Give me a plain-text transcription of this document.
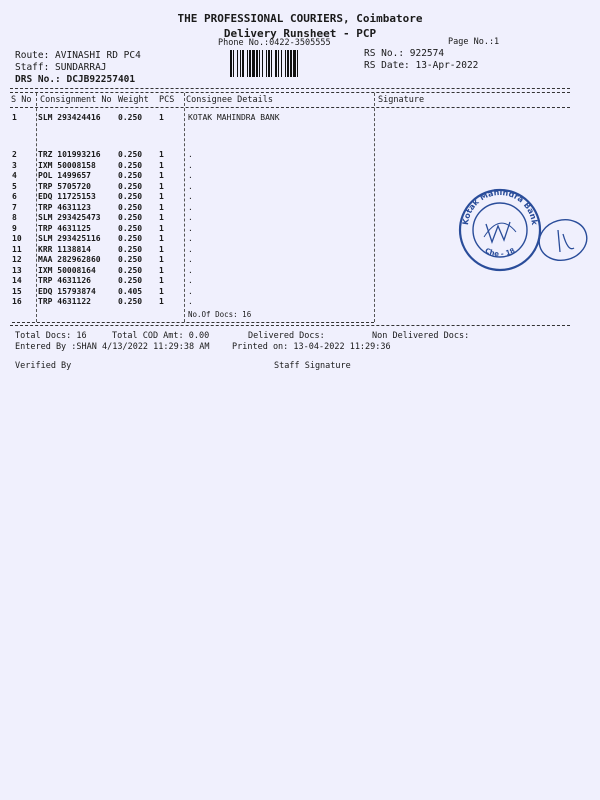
THE PROFESSIONAL COURIERS, Coimbatore
Delivery Runsheet - PCP
Phone No.:0422-3505555	Page No.:1
Route: AVINASHI RD PC4
Staff: SUNDARRAJ
DRS No.: DCJB92257401
RS No.: 922574
RS Date: 13-Apr-2022
S No Consignment No Weight PCS Consignee Details	Signature
1	SLM 293424416 0.250 1	KOTAK MAHINDRA BANK
2	TRZ 101993216 0.250 1	.
3	IXM 50008158	0.250 1	.
4	POL 1499657	0.250 1	.
5	TRP 5705720	0.250 1	.
6	EDQ 11725153	0.250 1	.
7	TRP 4631123	0.250 1	.
8	SLM 293425473 0.250 1	.
9	TRP 4631125	0.250 1	.
10 SLM 293425116 0.250 1	.
11 KRR 1138814	0.250 1	.
12 MAA 282962860 0.250 1	.
13 IXM 50008164	0.250 1	.
14 TRP 4631126	0.250 1	.
15 EDQ 15793874	0.405 1	.
16 TRP 4631122	0.250 1	.
No.Of Docs: 16
Total Docs: 16	Total COD Amt: 0.00	Delivered Docs:	Non Delivered Docs:
Entered By :SHAN 4/13/2022 11:29:38 AM	Printed on: 13-04-2022 11:29:36
Verified By	Staff Signature
Kotak Mahindra Bank
Che - 18
